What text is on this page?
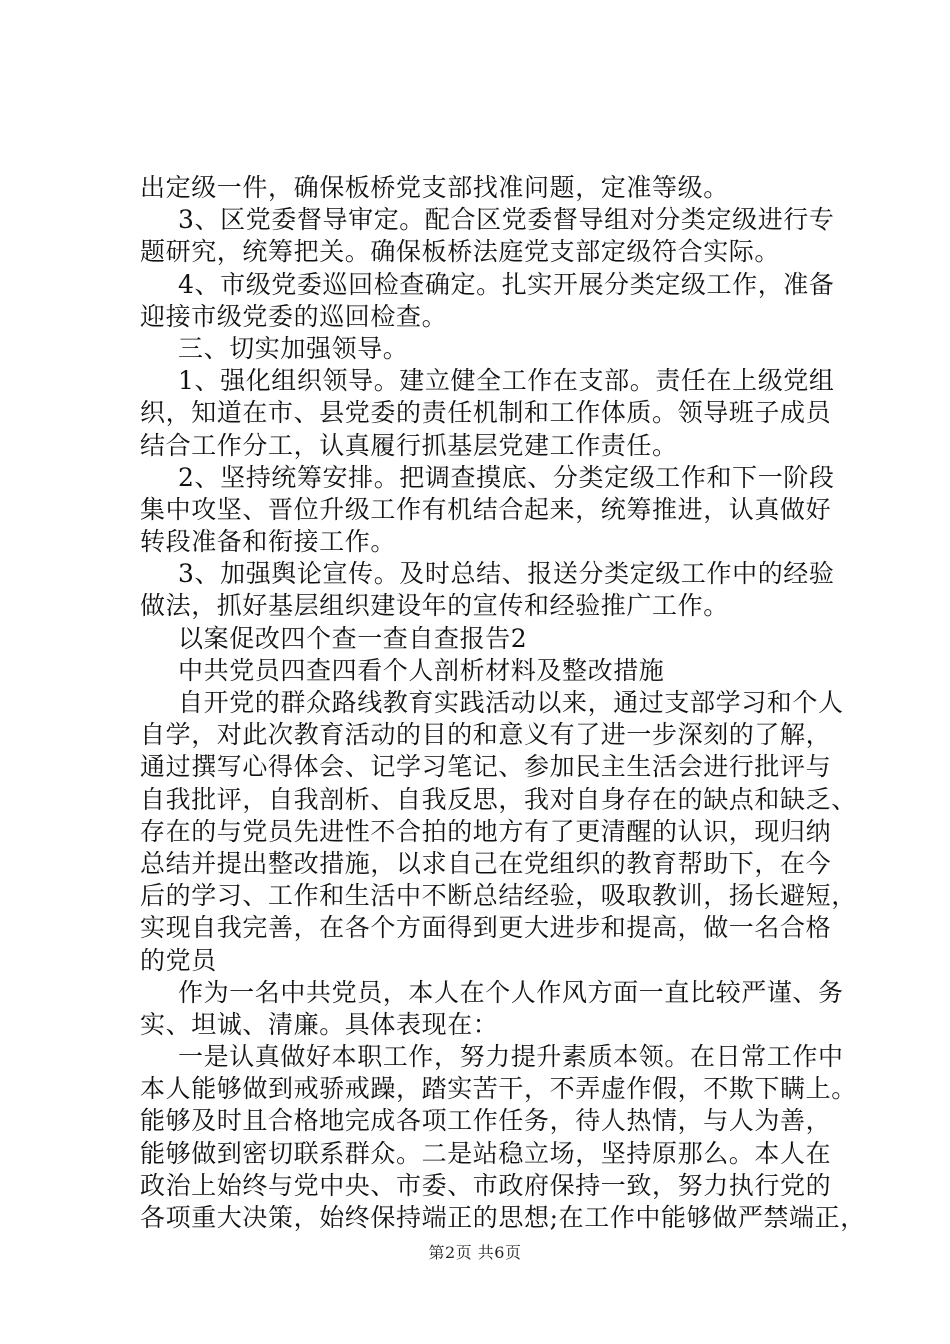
出定级一件，确保板桥党支部找准问题，定准等级。
3、区党委督导审定。配合区党委督导组对分类定级进行专
题研究，统筹把关。确保板桥法庭党支部定级符合实际。
4、市级党委巡回检查确定。扎实开展分类定级工作，准备
迎接市级党委的巡回检查。
三、切实加强领导。
1、强化组织领导。建立健全工作在支部。责任在上级党组
织，知道在市、县党委的责任机制和工作体质。领导班子成员
结合工作分工，认真履行抓基层党建工作责任。
2、坚持统筹安排。把调查摸底、分类定级工作和下一阶段
集中攻坚、晋位升级工作有机结合起来，统筹推进，认真做好
转段准备和衔接工作。
3、加强舆论宣传。及时总结、报送分类定级工作中的经验
做法，抓好基层组织建设年的宣传和经验推广工作。
以案促改四个查一查自查报告2
中共党员四查四看个人剖析材料及整改措施
自开党的群众路线教育实践活动以来，通过支部学习和个人
自学，对此次教育活动的目的和意义有了进一步深刻的了解，
通过撰写心得体会、记学习笔记、参加民主生活会进行批评与
自我批评，自我剖析、自我反思，我对自身存在的缺点和缺乏、
存在的与党员先进性不合拍的地方有了更清醒的认识，现归纳
总结并提出整改措施，以求自己在党组织的教育帮助下，在今
后的学习、工作和生活中不断总结经验，吸取教训，扬长避短，
实现自我完善，在各个方面得到更大进步和提高，做一名合格
的党员
作为一名中共党员，本人在个人作风方面一直比较严谨、务
实、坦诚、清廉。具体表现在：
一是认真做好本职工作，努力提升素质本领。在日常工作中
本人能够做到戒骄戒躁，踏实苦干，不弄虚作假，不欺下瞒上。
能够及时且合格地完成各项工作任务，待人热情，与人为善，
能够做到密切联系群众。二是站稳立场，坚持原那么。本人在
政治上始终与党中央、市委、市政府保持一致，努力执行党的
各项重大决策，始终保持端正的思想;在工作中能够做严禁端正，
第2页 共6页
